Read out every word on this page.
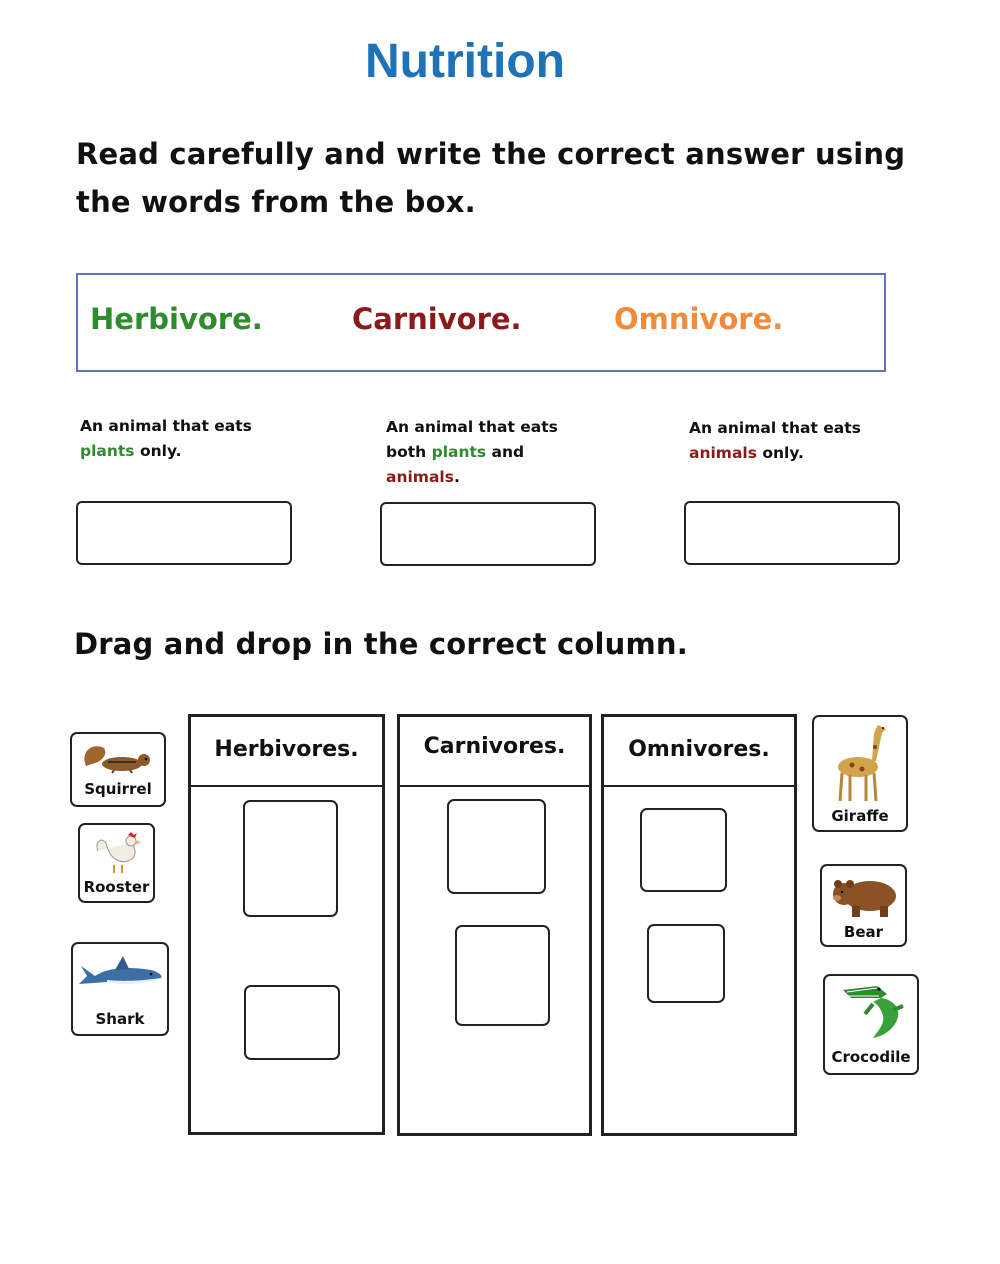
Nutrition
Read carefully and write the correct answer using
the words from the box.
Herbivore.	Carnivore.	Omnivore.
An animal that eats
plants only.
An animal that eats
both plants and
animals.
An animal that eats
animals only.
Drag and drop in the correct column.
Herbivores.	Carnivores.	Omnivores.
Squirrel
Rooster
Shark
Giraffe
Bear
Crocodile
